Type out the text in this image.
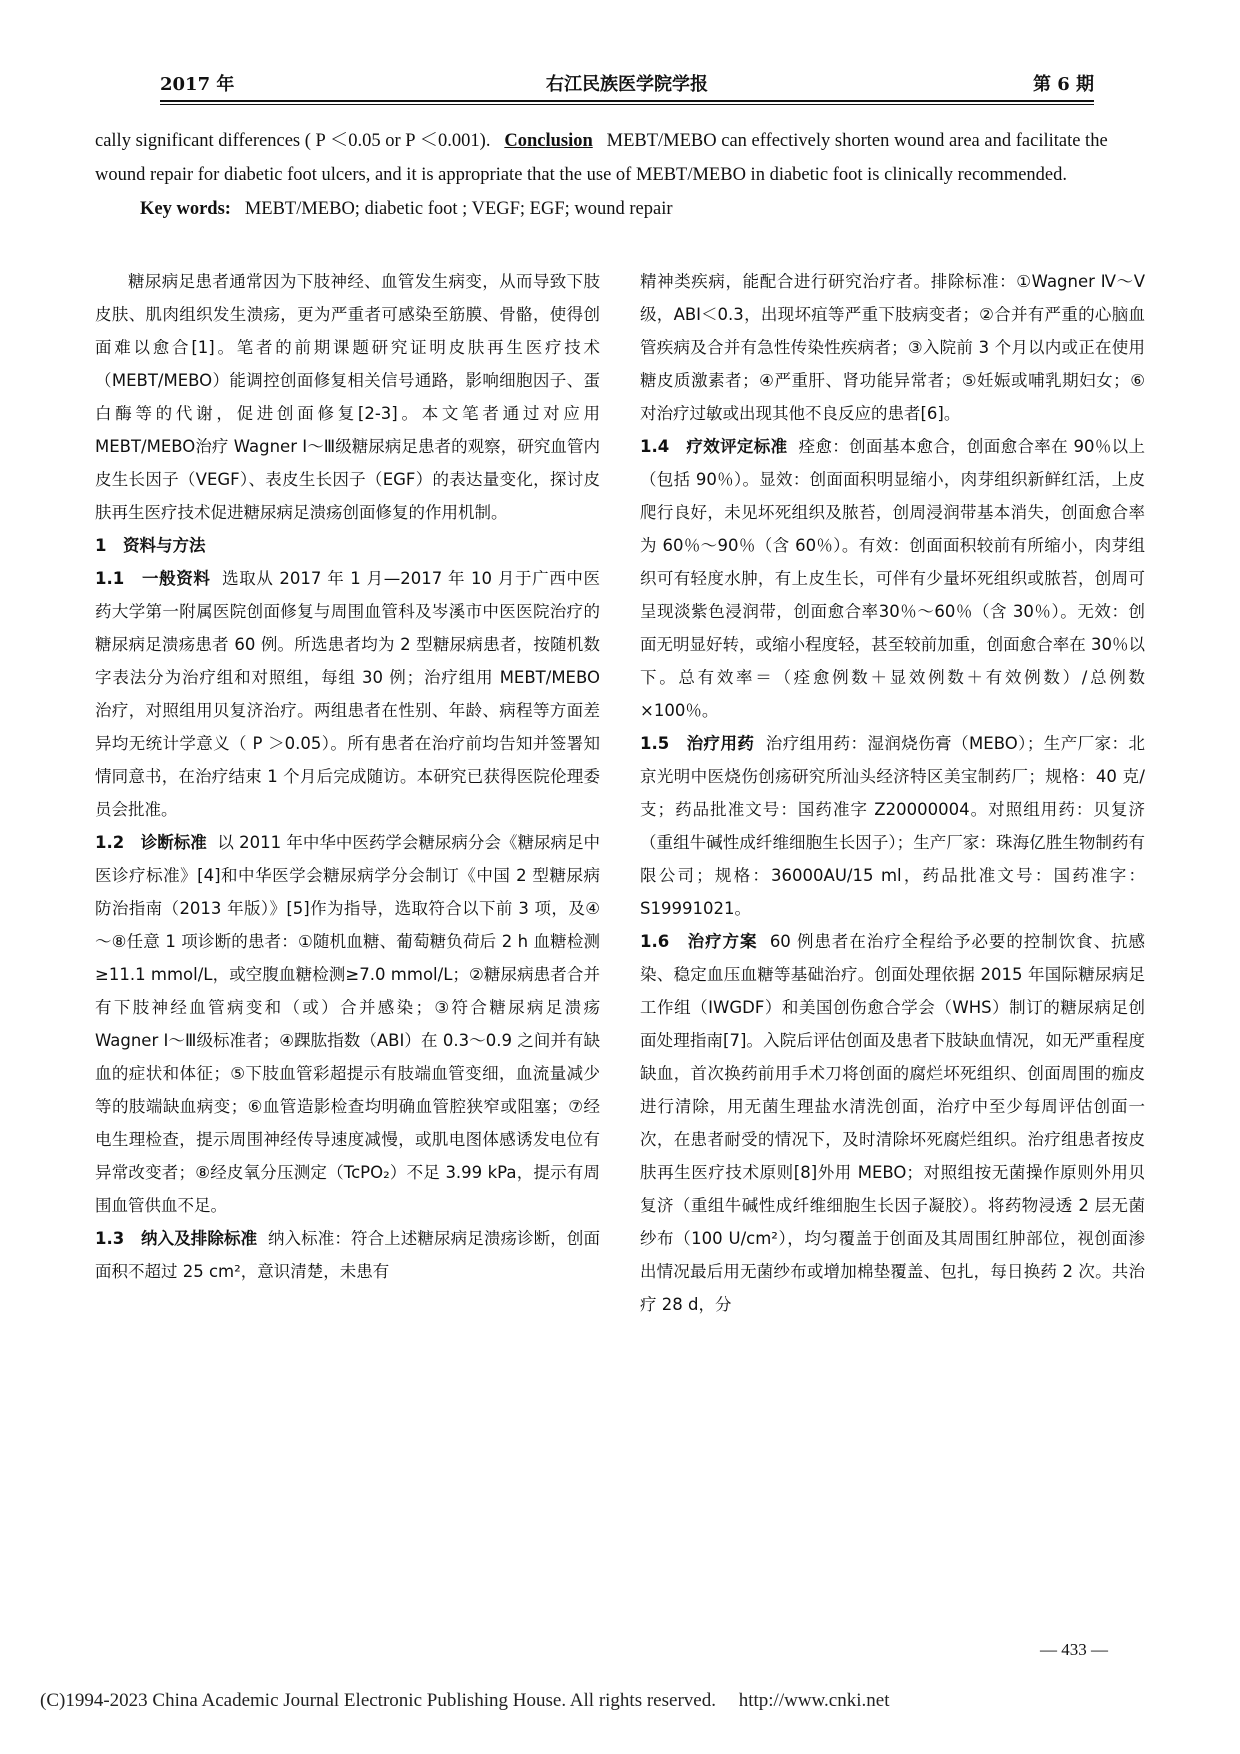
2017 年	右江民族医学院学报	第 6 期

cally significant differences ( P ＜0.05 or P ＜0.001). Conclusion MEBT/MEBO can effectively shorten wound area and facilitate the wound repair for diabetic foot ulcers, and it is appropriate that the use of MEBT/MEBO in diabetic foot is clinically recommended.

Key words: MEBT/MEBO; diabetic foot ; VEGF; EGF; wound repair

糖尿病足患者通常因为下肢神经、血管发生病变，从而导致下肢皮肤、肌肉组织发生溃疡，更为严重者可感染至筋膜、骨骼，使得创面难以愈合[1]。笔者的前期课题研究证明皮肤再生医疗技术（MEBT/MEBO）能调控创面修复相关信号通路，影响细胞因子、蛋白酶等的代谢，促进创面修复[2-3]。本文笔者通过对应用MEBT/MEBO治疗 Wagner Ⅰ～Ⅲ级糖尿病足患者的观察，研究血管内皮生长因子（VEGF）、表皮生长因子（EGF）的表达量变化，探讨皮肤再生医疗技术促进糖尿病足溃疡创面修复的作用机制。

1　资料与方法

1.1　一般资料 选取从 2017 年 1 月—2017 年 10 月于广西中医药大学第一附属医院创面修复与周围血管科及岑溪市中医医院治疗的糖尿病足溃疡患者 60 例。所选患者均为 2 型糖尿病患者，按随机数字表法分为治疗组和对照组，每组 30 例；治疗组用 MEBT/MEBO 治疗，对照组用贝复济治疗。两组患者在性别、年龄、病程等方面差异均无统计学意义（ P ＞0.05）。所有患者在治疗前均告知并签署知情同意书，在治疗结束 1 个月后完成随访。本研究已获得医院伦理委员会批准。

1.2　诊断标准 以 2011 年中华中医药学会糖尿病分会《糖尿病足中医诊疗标准》[4]和中华医学会糖尿病学分会制订《中国 2 型糖尿病防治指南（2013 年版）》[5]作为指导，选取符合以下前 3 项，及④～⑧任意 1 项诊断的患者：①随机血糖、葡萄糖负荷后 2 h 血糖检测≥11.1 mmol/L，或空腹血糖检测≥7.0 mmol/L；②糖尿病患者合并有下肢神经血管病变和（或）合并感染；③符合糖尿病足溃疡 Wagner Ⅰ～Ⅲ级标准者；④踝肱指数（ABI）在 0.3～0.9 之间并有缺血的症状和体征；⑤下肢血管彩超提示有肢端血管变细，血流量减少等的肢端缺血病变；⑥血管造影检查均明确血管腔狭窄或阻塞；⑦经电生理检查，提示周围神经传导速度减慢，或肌电图体感诱发电位有异常改变者；⑧经皮氧分压测定（TcPO₂）不足 3.99 kPa，提示有周围血管供血不足。

1.3　纳入及排除标准 纳入标准：符合上述糖尿病足溃疡诊断，创面面积不超过 25 cm²，意识清楚，未患有

精神类疾病，能配合进行研究治疗者。排除标准：①Wagner Ⅳ～Ⅴ级，ABI＜0.3，出现坏疽等严重下肢病变者；②合并有严重的心脑血管疾病及合并有急性传染性疾病者；③入院前 3 个月以内或正在使用糖皮质激素者；④严重肝、肾功能异常者；⑤妊娠或哺乳期妇女；⑥对治疗过敏或出现其他不良反应的患者[6]。

1.4　疗效评定标准 痊愈：创面基本愈合，创面愈合率在 90％以上（包括 90％）。显效：创面面积明显缩小，肉芽组织新鲜红活，上皮爬行良好，未见坏死组织及脓苔，创周浸润带基本消失，创面愈合率为 60％～90％（含 60％）。有效：创面面积较前有所缩小，肉芽组织可有轻度水肿，有上皮生长，可伴有少量坏死组织或脓苔，创周可呈现淡紫色浸润带，创面愈合率30％～60％（含 30％）。无效：创面无明显好转，或缩小程度轻，甚至较前加重，创面愈合率在 30％以下。总有效率＝（痊愈例数＋显效例数＋有效例数）/总例数×100％。

1.5　治疗用药 治疗组用药：湿润烧伤膏（MEBO）；生产厂家：北京光明中医烧伤创疡研究所汕头经济特区美宝制药厂；规格：40 克/支；药品批准文号：国药准字 Z20000004。对照组用药：贝复济（重组牛碱性成纤维细胞生长因子）；生产厂家：珠海亿胜生物制药有限公司；规格：36000AU/15 ml，药品批准文号：国药准字：S19991021。

1.6　治疗方案 60 例患者在治疗全程给予必要的控制饮食、抗感染、稳定血压血糖等基础治疗。创面处理依据 2015 年国际糖尿病足工作组（IWGDF）和美国创伤愈合学会（WHS）制订的糖尿病足创面处理指南[7]。入院后评估创面及患者下肢缺血情况，如无严重程度缺血，首次换药前用手术刀将创面的腐烂坏死组织、创面周围的痂皮进行清除，用无菌生理盐水清洗创面，治疗中至少每周评估创面一次，在患者耐受的情况下，及时清除坏死腐烂组织。治疗组患者按皮肤再生医疗技术原则[8]外用 MEBO；对照组按无菌操作原则外用贝复济（重组牛碱性成纤维细胞生长因子凝胶）。将药物浸透 2 层无菌纱布（100 U/cm²），均匀覆盖于创面及其周围红肿部位，视创面渗出情况最后用无菌纱布或增加棉垫覆盖、包扎，每日换药 2 次。共治疗 28 d，分

— 433 —
(C)1994-2023 China Academic Journal Electronic Publishing House. All rights reserved. http://www.cnki.net
